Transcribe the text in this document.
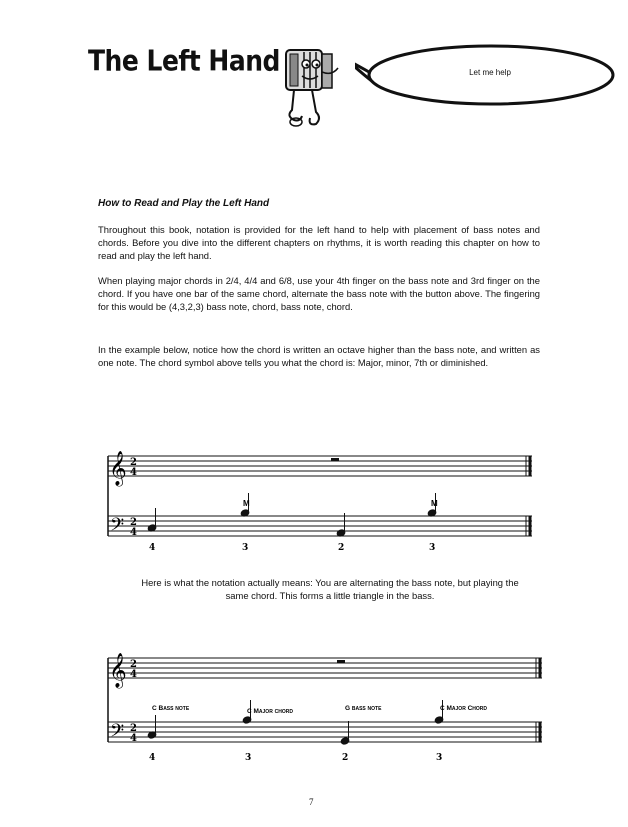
The Left Hand	Let me help
How to Read and Play the Left Hand

Throughout this book, notation is provided for the left hand to help with placement of bass notes and chords. Before you dive into the different chapters on rhythms, it is worth reading this chapter on how to read and play the left hand.

When playing major chords in 2/4, 4/4 and 6/8, use your 4th finger on the bass note and 3rd finger on the chord. If you have one bar of the same chord, alternate the bass note with the button above. The fingering for this would be (4,3,2,3) bass note, chord, bass note, chord.

In the example below, notice how the chord is written an octave higher than the bass note, and written as one note. The chord symbol above tells you what the chord is: Major, minor, 7th or diminished.

𝄞
𝄢
2
4
2
4
M	M
4	3	2	3
Here is what the notation actually means: You are alternating the bass note, but playing the same chord. This forms a little triangle in the bass.
𝄞
𝄢
2
4
2
4
C Bass note	C Major chord	G bass note	C Major Chord
4	3	2	3
7
